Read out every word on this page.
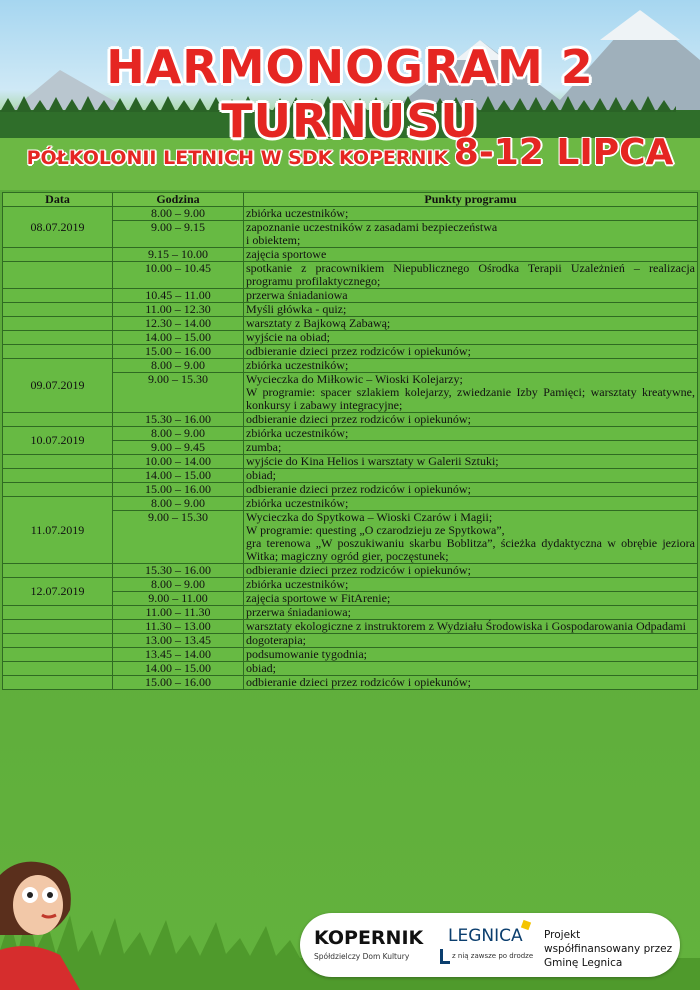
HARMONOGRAM 2 TURNUSU
PÓŁKOLONII LETNICH W SDK KOPERNIK 8-12 LIPCA
Data	Godzina	Punkty programu
08.07.2019	8.00 – 9.00	zbiórka uczestników;
	9.00 – 9.15	zapoznanie uczestników z zasadami bezpieczeństwa
i obiektem;
	9.15 – 10.00	zajęcia sportowe
	10.00 – 10.45	spotkanie z pracownikiem Niepublicznego Ośrodka Terapii Uzależnień – realizacja programu profilaktycznego;
	10.45 – 11.00	przerwa śniadaniowa
	11.00 – 12.30	Myśli główka - quiz;
	12.30 – 14.00	warsztaty z Bajkową Zabawą;
	14.00 – 15.00	wyjście na obiad;
	15.00 – 16.00	odbieranie dzieci przez rodziców i opiekunów;
09.07.2019	8.00 – 9.00	zbiórka uczestników;
	9.00 – 15.30	Wycieczka do Miłkowic – Wioski Kolejarzy;
W programie: spacer szlakiem kolejarzy, zwiedzanie Izby Pamięci; warsztaty kreatywne, konkursy i zabawy integracyjne;
	15.30 – 16.00	odbieranie dzieci przez rodziców i opiekunów;
10.07.2019	8.00 – 9.00	zbiórka uczestników;
	9.00 – 9.45	zumba;
	10.00 – 14.00	wyjście do Kina Helios i warsztaty w Galerii Sztuki;
	14.00 – 15.00	obiad;
	15.00 – 16.00	odbieranie dzieci przez rodziców i opiekunów;
11.07.2019	8.00 – 9.00	zbiórka uczestników;
	9.00 – 15.30	Wycieczka do Spytkowa – Wioski Czarów i Magii;
W programie: questing „O czarodzieju ze Spytkowa”,
gra terenowa „W poszukiwaniu skarbu Boblitza”, ścieżka dydaktyczna w obrębie jeziora Witka; magiczny ogród gier, poczęstunek;

	15.30 – 16.00	odbieranie dzieci przez rodziców i opiekunów;
12.07.2019	8.00 – 9.00	zbiórka uczestników;
	9.00 – 11.00	zajęcia sportowe w FitArenie;
	11.00 – 11.30	przerwa śniadaniowa;
	11.30 – 13.00	warsztaty ekologiczne z instruktorem z Wydziału Środowiska i Gospodarowania Odpadami
	13.00 – 13.45	dogoterapia;
	13.45 – 14.00	podsumowanie tygodnia;
	14.00 – 15.00	obiad;
	15.00 – 16.00	odbieranie dzieci przez rodziców i opiekunów;
KOPERNIK
Spółdzielczy Dom Kultury
LEGNICA
z nią zawsze po drodze
Projekt współfinansowany przez Gminę Legnica
